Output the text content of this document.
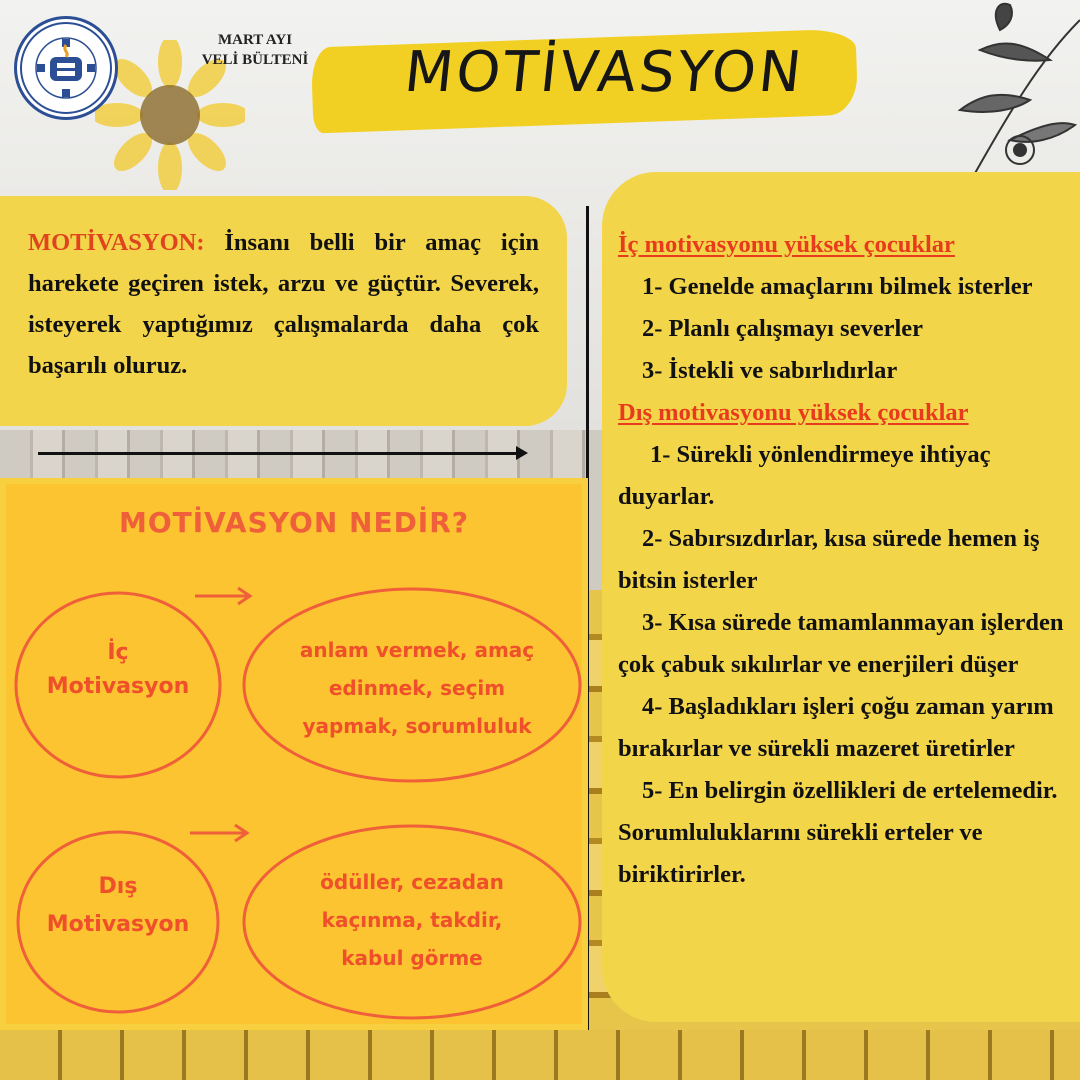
MART AYI
VELİ BÜLTENİ	MOTİVASYON
MOTİVASYON: İnsanı belli bir amaç için harekete geçiren istek, arzu ve güçtür. Severek, isteyerek yaptığımız çalışmalarda daha çok başarılı oluruz.
MOTİVASYON NEDİR?
İç
Motivasyon
anlam vermek, amaç
edinmek, seçim
yapmak, sorumluluk
Dış
Motivasyon
ödüller, cezadan
kaçınma, takdir,
kabul görme
İç motivasyonu yüksek çocuklar
1- Genelde amaçlarını bilmek isterler
2- Planlı çalışmayı severler
3- İstekli ve sabırlıdırlar
Dış motivasyonu yüksek çocuklar
1- Sürekli yönlendirmeye ihtiyaç duyarlar.
2- Sabırsızdırlar, kısa sürede hemen iş bitsin isterler
3- Kısa sürede tamamlanmayan işlerden çok çabuk sıkılırlar ve enerjileri düşer
4- Başladıkları işleri çoğu zaman yarım bırakırlar ve sürekli mazeret üretirler
5- En belirgin özellikleri de ertelemedir. Sorumluluklarını sürekli erteler ve biriktirirler.
